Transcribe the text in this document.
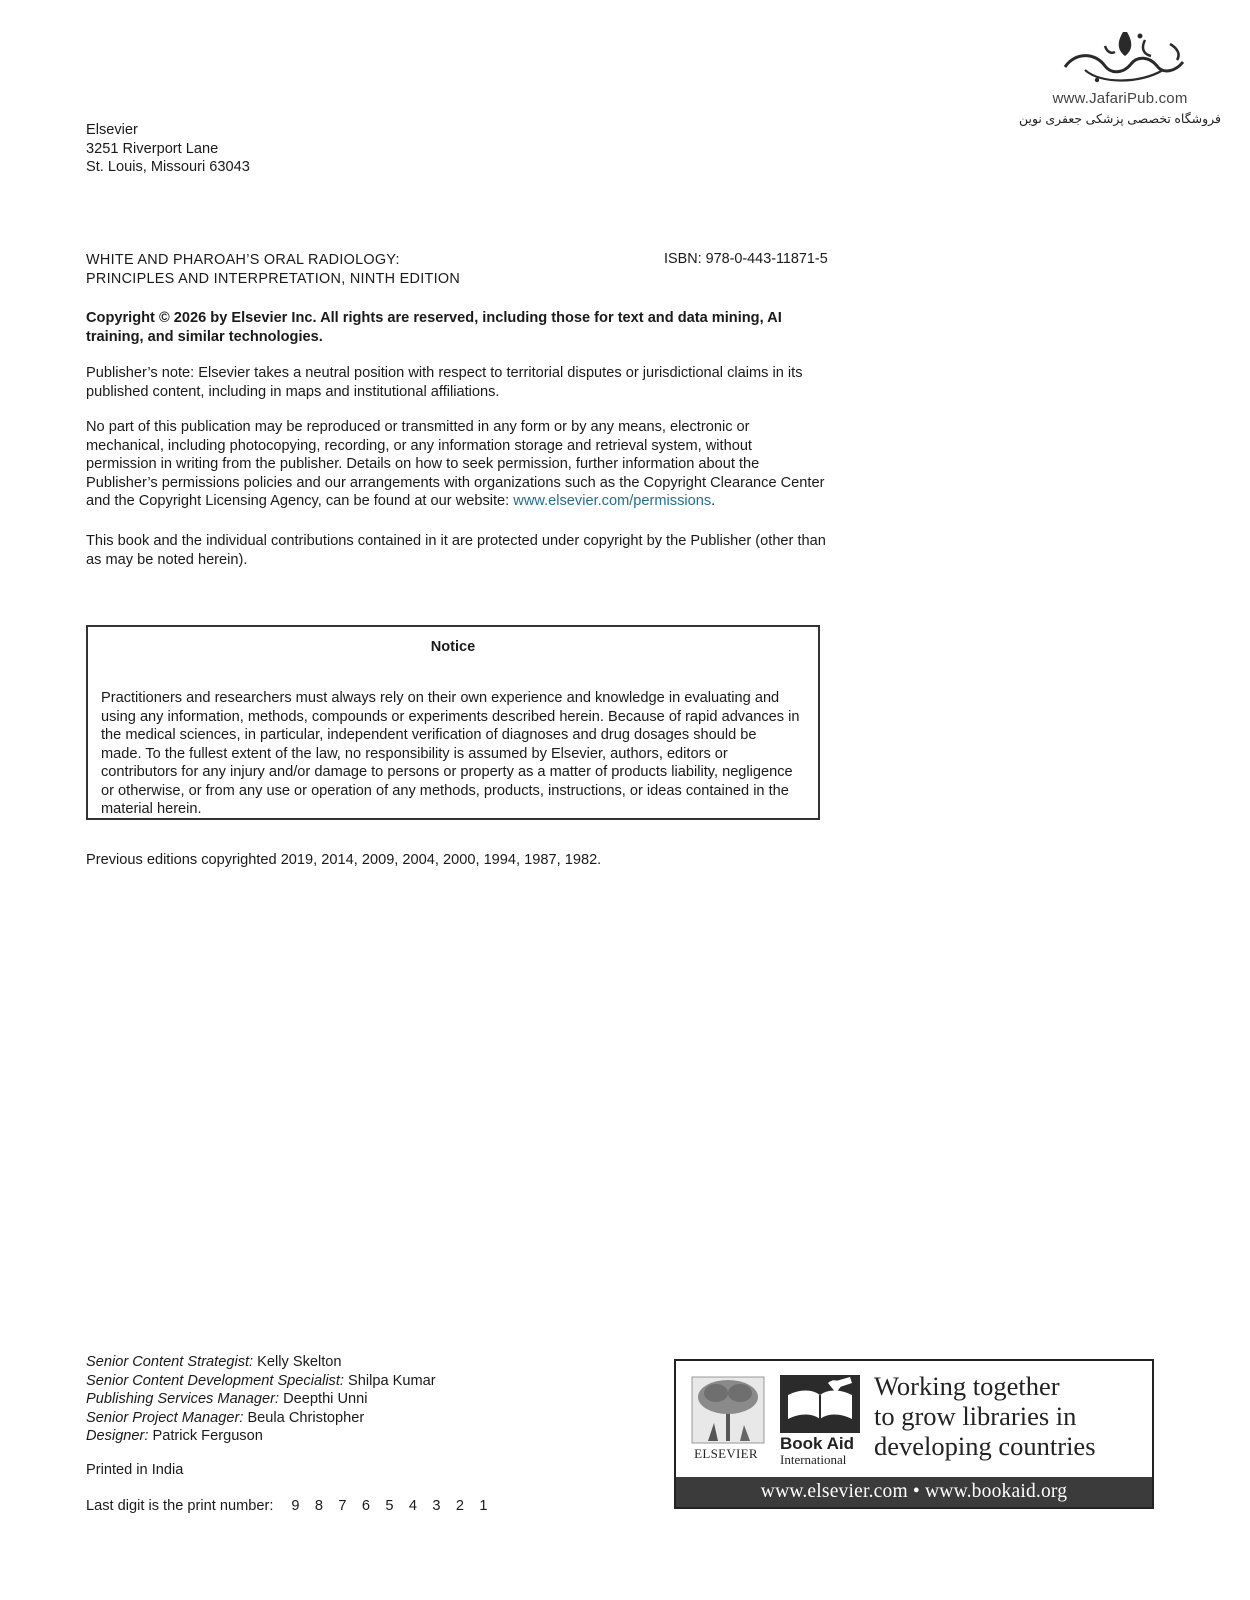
www.JafariPub.com
فروشگاه تخصصی پزشکی جعفری نوین
Elsevier
3251 Riverport Lane
St. Louis, Missouri 63043
WHITE AND PHAROAH’S ORAL RADIOLOGY:
PRINCIPLES AND INTERPRETATION, NINTH EDITION
ISBN: 978-0-443-11871-5

Copyright © 2026 by Elsevier Inc. All rights are reserved, including those for text and data mining, AI training, and similar technologies.

Publisher’s note: Elsevier takes a neutral position with respect to territorial disputes or jurisdictional claims in its published content, including in maps and institutional affiliations.

No part of this publication may be reproduced or transmitted in any form or by any means, electronic or mechanical, including photocopying, recording, or any information storage and retrieval system, without permission in writing from the publisher. Details on how to seek permission, further information about the Publisher’s permissions policies and our arrangements with organizations such as the Copyright Clearance Center and the Copyright Licensing Agency, can be found at our website: www.elsevier.com/permissions.

This book and the individual contributions contained in it are protected under copyright by the Publisher (other than as may be noted herein).

Notice

Practitioners and researchers must always rely on their own experience and knowledge in evaluating and using any information, methods, compounds or experiments described herein. Because of rapid advances in the medical sciences, in particular, independent verification of diagnoses and drug dosages should be made. To the fullest extent of the law, no responsibility is assumed by Elsevier, authors, editors or contributors for any injury and/or damage to persons or property as a matter of products liability, negligence or otherwise, or from any use or operation of any methods, products, instructions, or ideas contained in the material herein.

Previous editions copyrighted 2019, 2014, 2009, 2004, 2000, 1994, 1987, 1982.

Senior Content Strategist: Kelly Skelton
Senior Content Development Specialist: Shilpa Kumar
Publishing Services Manager: Deepthi Unni
Senior Project Manager: Beula Christopher
Designer: Patrick Ferguson
Printed in India
Last digit is the print number: 9 8 7 6 5 4 3 2 1
ELSEVIER
Book Aid
International
Working together
to grow libraries in
developing countries
www.elsevier.com • www.bookaid.org
